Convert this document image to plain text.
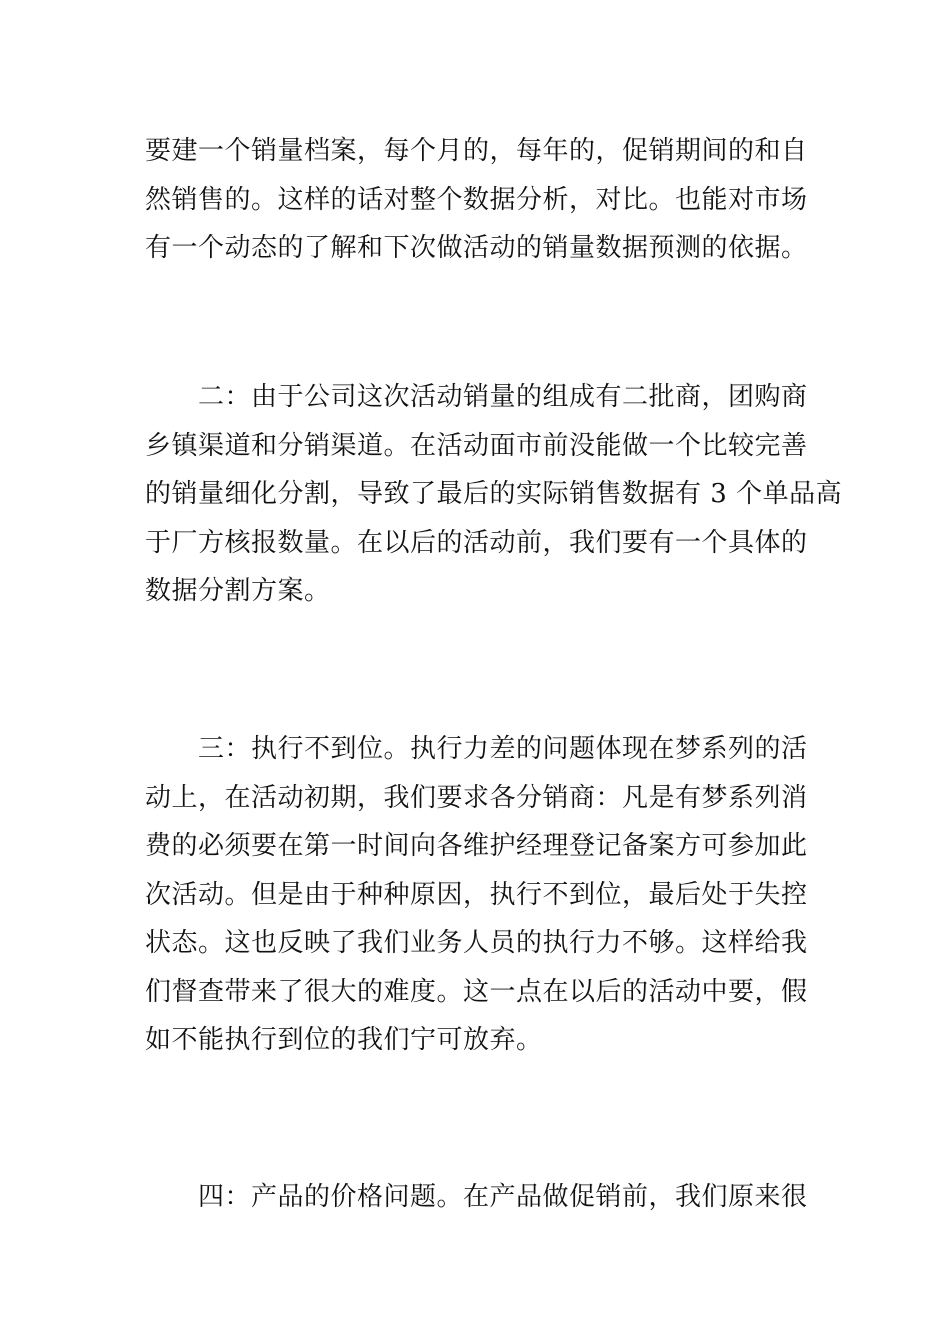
要建一个销量档案，每个月的，每年的，促销期间的和自
然销售的。这样的话对整个数据分析，对比。也能对市场
有一个动态的了解和下次做活动的销量数据预测的依据。

　　二：由于公司这次活动销量的组成有二批商，团购商
乡镇渠道和分销渠道。在活动面市前没能做一个比较完善
的销量细化分割，导致了最后的实际销售数据有 3 个单品高
于厂方核报数量。在以后的活动前，我们要有一个具体的
数据分割方案。

　　三：执行不到位。执行力差的问题体现在梦系列的活
动上，在活动初期，我们要求各分销商：凡是有梦系列消
费的必须要在第一时间向各维护经理登记备案方可参加此
次活动。但是由于种种原因，执行不到位，最后处于失控
状态。这也反映了我们业务人员的执行力不够。这样给我
们督查带来了很大的难度。这一点在以后的活动中要，假
如不能执行到位的我们宁可放弃。

　　四：产品的价格问题。在产品做促销前，我们原来很
